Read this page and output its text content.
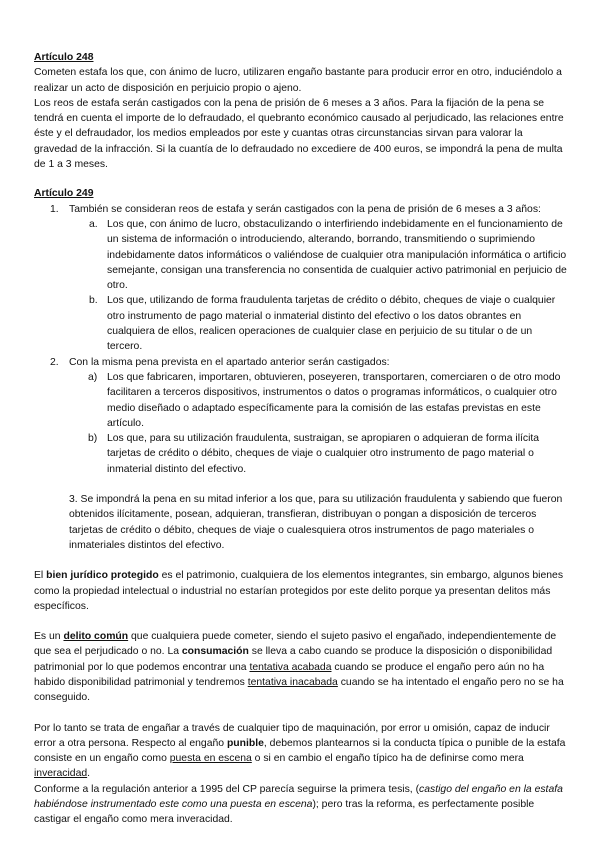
Artículo 248

Cometen estafa los que, con ánimo de lucro, utilizaren engaño bastante para producir error en otro, induciéndolo a realizar un acto de disposición en perjuicio propio o ajeno.

Los reos de estafa serán castigados con la pena de prisión de 6 meses a 3 años. Para la fijación de la pena se tendrá en cuenta el importe de lo defraudado, el quebranto económico causado al perjudicado, las relaciones entre éste y el defraudador, los medios empleados por este y cuantas otras circunstancias sirvan para valorar la gravedad de la infracción. Si la cuantía de lo defraudado no excediere de 400 euros, se impondrá la pena de multa de 1 a 3 meses.

Artículo 249

1. También se consideran reos de estafa y serán castigados con la pena de prisión de 6 meses a 3 años:
a. Los que, con ánimo de lucro, obstaculizando o interfiriendo indebidamente en el funcionamiento de un sistema de información o introduciendo, alterando, borrando, transmitiendo o suprimiendo indebidamente datos informáticos o valiéndose de cualquier otra manipulación informática o artificio semejante, consigan una transferencia no consentida de cualquier activo patrimonial en perjuicio de otro.
b. Los que, utilizando de forma fraudulenta tarjetas de crédito o débito, cheques de viaje o cualquier otro instrumento de pago material o inmaterial distinto del efectivo o los datos obrantes en cualquiera de ellos, realicen operaciones de cualquier clase en perjuicio de su titular o de un tercero.
2. Con la misma pena prevista en el apartado anterior serán castigados:
a) Los que fabricaren, importaren, obtuvieren, poseyeren, transportaren, comerciaren o de otro modo facilitaren a terceros dispositivos, instrumentos o datos o programas informáticos, o cualquier otro medio diseñado o adaptado específicamente para la comisión de las estafas previstas en este artículo.
b) Los que, para su utilización fraudulenta, sustraigan, se apropiaren o adquieran de forma ilícita tarjetas de crédito o débito, cheques de viaje o cualquier otro instrumento de pago material o inmaterial distinto del efectivo.

3. Se impondrá la pena en su mitad inferior a los que, para su utilización fraudulenta y sabiendo que fueron obtenidos ilícitamente, posean, adquieran, transfieran, distribuyan o pongan a disposición de terceros tarjetas de crédito o débito, cheques de viaje o cualesquiera otros instrumentos de pago materiales o inmateriales distintos del efectivo.

El bien jurídico protegido es el patrimonio, cualquiera de los elementos integrantes, sin embargo, algunos bienes como la propiedad intelectual o industrial no estarían protegidos por este delito porque ya presentan delitos más específicos.

Es un delito común que cualquiera puede cometer, siendo el sujeto pasivo el engañado, independientemente de que sea el perjudicado o no. La consumación se lleva a cabo cuando se produce la disposición o disponibilidad patrimonial por lo que podemos encontrar una tentativa acabada cuando se produce el engaño pero aún no ha habido disponibilidad patrimonial y tendremos tentativa inacabada cuando se ha intentado el engaño pero no se ha conseguido.

Por lo tanto se trata de engañar a través de cualquier tipo de maquinación, por error u omisión, capaz de inducir error a otra persona. Respecto al engaño punible, debemos plantearnos si la conducta típica o punible de la estafa consiste en un engaño como puesta en escena o si en cambio el engaño típico ha de definirse como mera inveracidad.

Conforme a la regulación anterior a 1995 del CP parecía seguirse la primera tesis, (castigo del engaño en la estafa habiéndose instrumentado este como una puesta en escena); pero tras la reforma, es perfectamente posible castigar el engaño como mera inveracidad.
